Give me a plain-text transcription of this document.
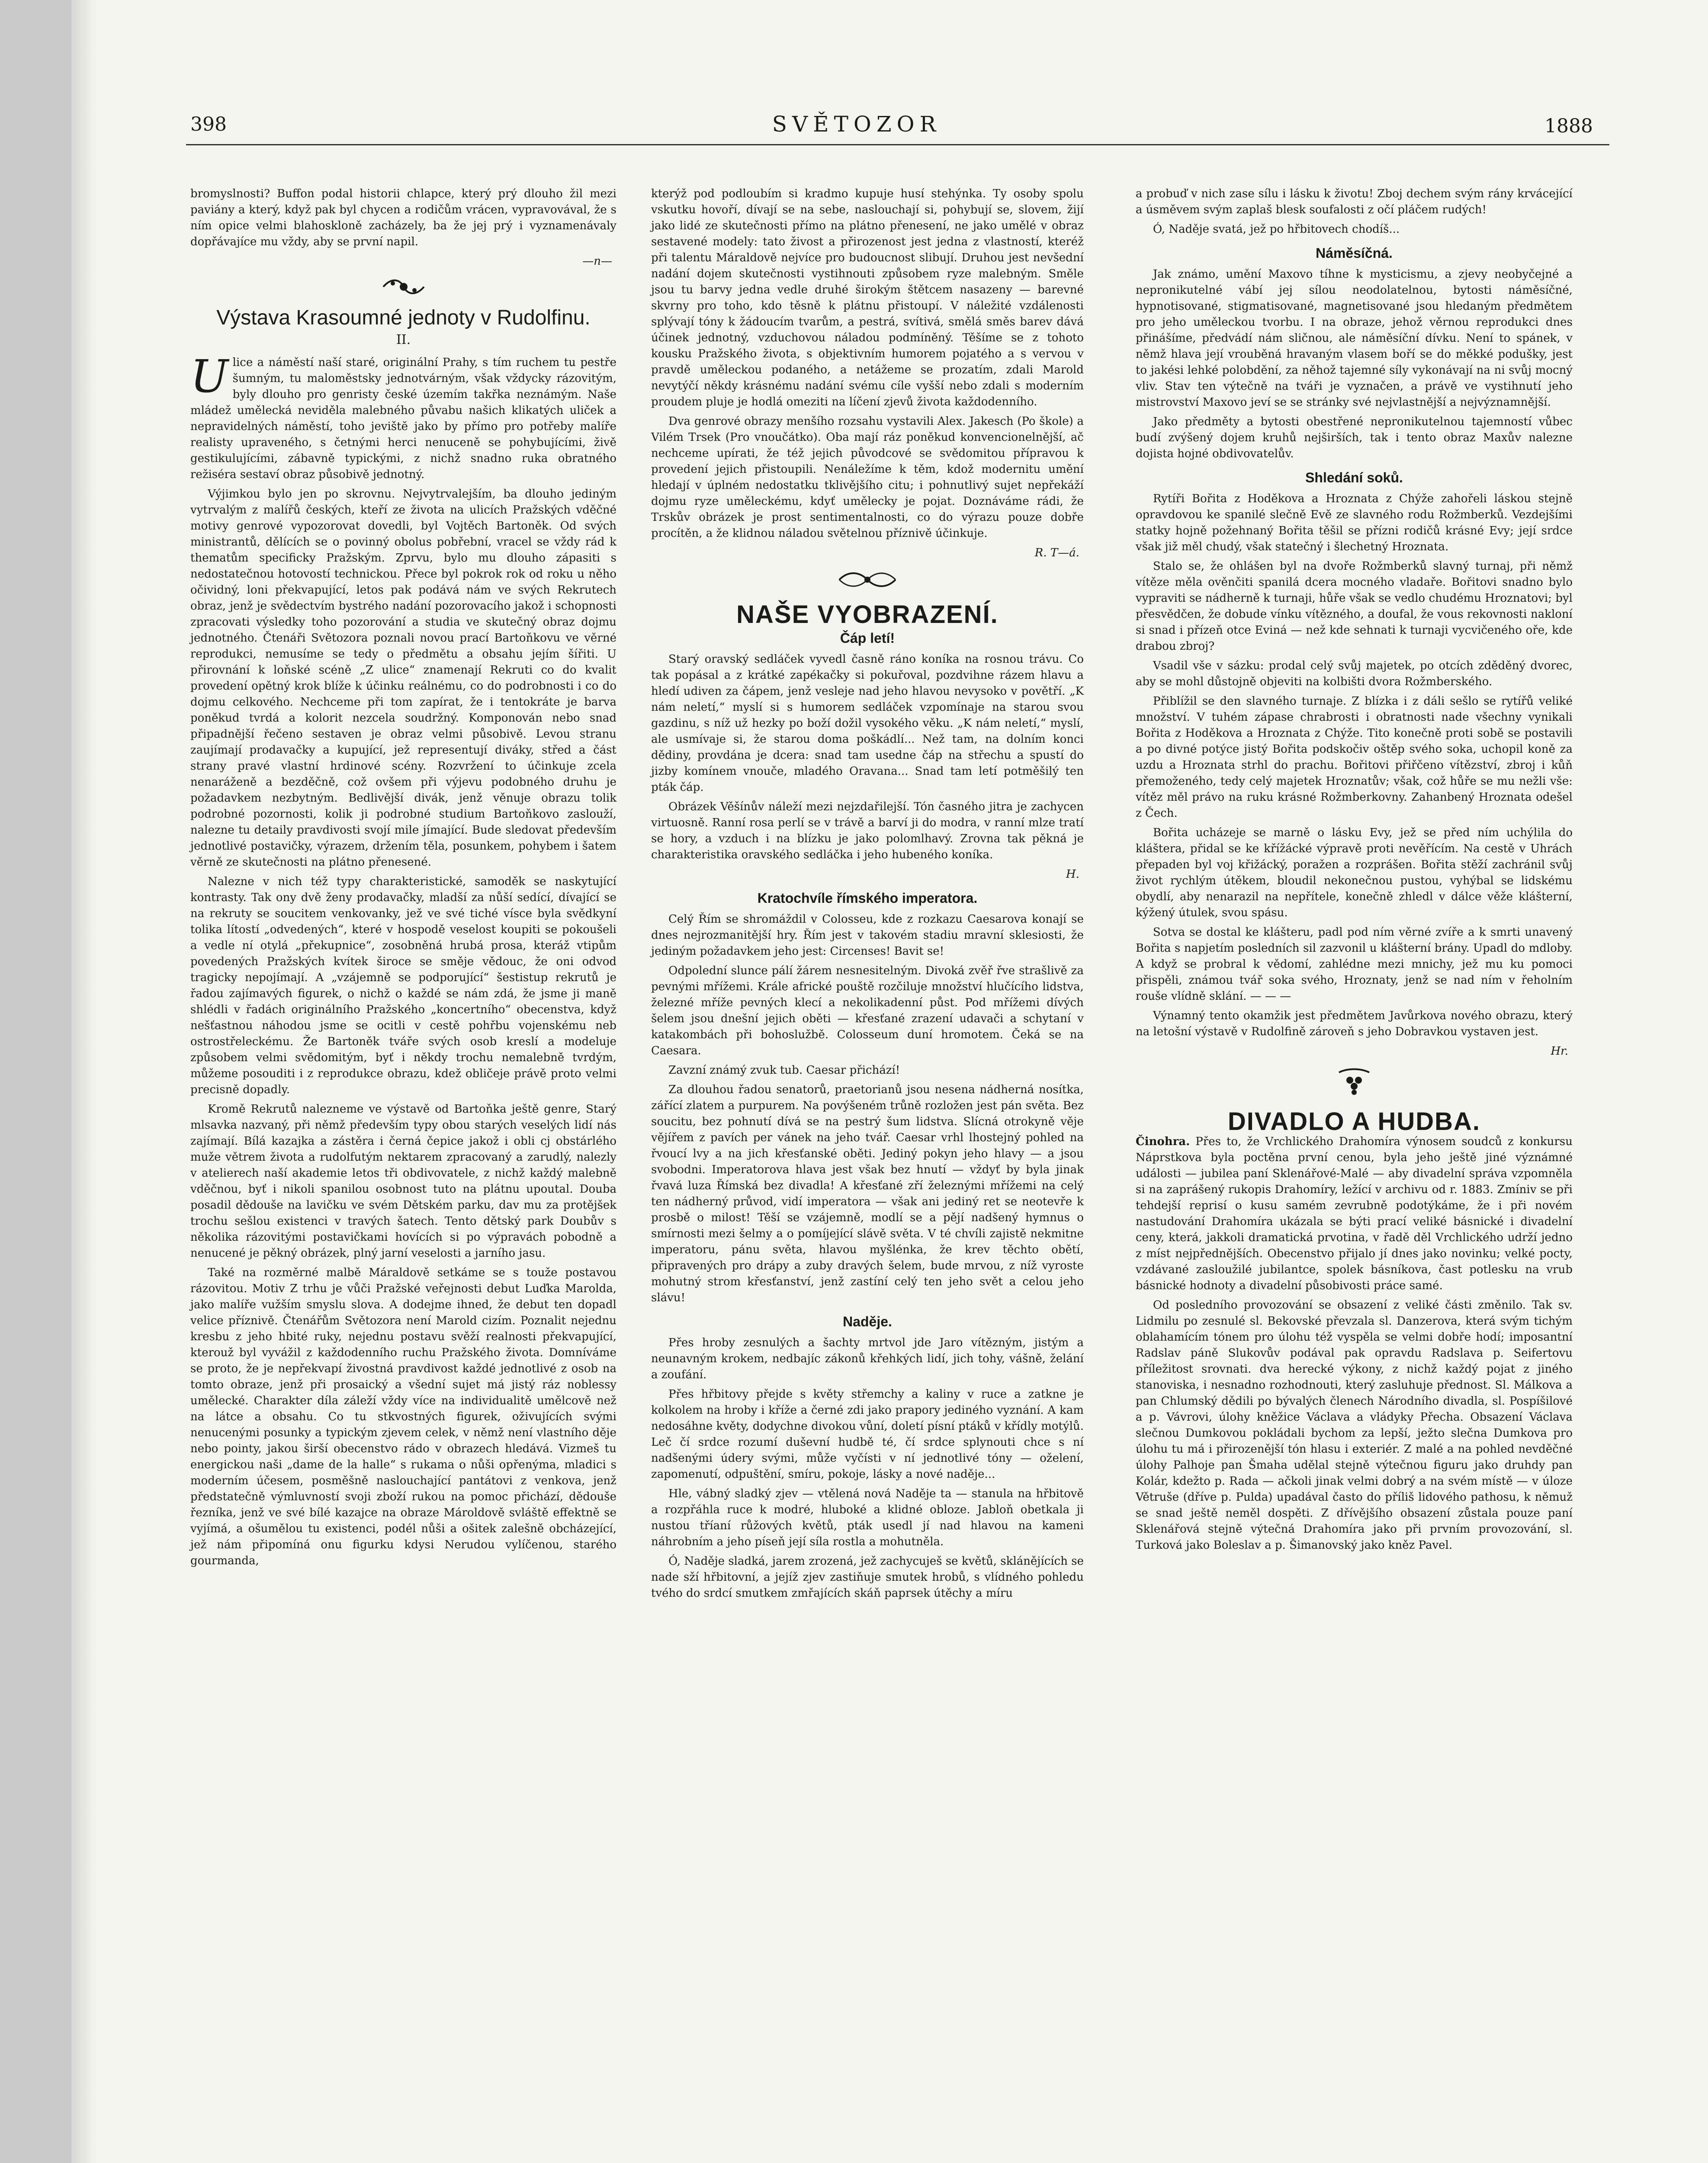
398	SVĚTOZOR	1888

bromyslnosti? Buffon podal historii chlapce, který prý dlouho žil mezi paviány a který, když pak byl chycen a rodičům vrácen, vypravovával, že s ním opice velmi blahoskloně zacházely, ba že jej prý i vyznamenávaly dopřávajíce mu vždy, aby se první napil.

—n—
Výstava Krasoumné jednoty v Rudolfinu.
II.

Ulice a náměstí naší staré, originální Prahy, s tím ruchem tu pestře šumným, tu maloměstsky jednotvárným, však vždycky rázovitým, byly dlouho pro genristy české územím takřka neznámým. Naše mládež umělecká neviděla malebného půvabu našich klikatých uliček a nepravidelných náměstí, toho jevištĕ jako by přímo pro potřeby malíře realisty upraveného, s četnými herci nenuceně se pohybujícími, živě gestikulujícími, zábavně typickými, z nichž snadno ruka obratného režiséra sestaví obraz působivě jednotný.

Výjimkou bylo jen po skrovnu. Nejvytrvalejším, ba dlouho jediným vytrvalým z malířů českých, kteří ze života na ulicích Pražských vděčné motivy genrové vypozorovat dovedli, byl Vojtěch Bartoněk. Od svých ministrantů, dělících se o povinný obolus pobřební, vracel se vždy rád k thematům specificky Pražským. Zprvu, bylo mu dlouho zápasiti s nedostatečnou hotovostí technickou. Přece byl pokrok rok od roku u něho očividný, loni překvapující, letos pak podává nám ve svých Rekrutech obraz, jenž je svědectvím bystrého nadání pozorovacího jakož i schopnosti zpracovati výsledky toho pozorování a studia ve skutečný obraz dojmu jednotného. Čtenáři Světozora poznali novou prací Bartoňkovu ve věrné reprodukci, nemusíme se tedy o předmětu a obsahu jejím šířiti. U přirovnání k loňské scéně „Z ulice“ znamenají Rekruti co do kvalit provedení opětný krok blíže k účinku reálnému, co do podrobnosti i co do dojmu celkového. Nechceme při tom zapírat, že i tentokráte je barva poněkud tvrdá a kolorit nezcela soudržný. Komponován nebo snad připadnější řečeno sestaven je obraz velmi působivě. Levou stranu zaujímají prodavačky a kupující, jež representují diváky, střed a část strany pravé vlastní hrdinové scény. Rozvržení to účinkuje zcela nenaráženě a bezděčně, což ovšem při výjevu podobného druhu je požadavkem nezbytným. Bedlivější divák, jenž věnuje obrazu tolik podrobné pozornosti, kolik ji podrobné studium Bartoňkovo zaslouží, nalezne tu detaily pravdivosti svojí mile jímající. Bude sledovat především jednotlivé postavičky, výrazem, držením těla, posunkem, pohybem i šatem věrně ze skutečnosti na plátno přenesené.

Nalezne v nich též typy charakteristické, samoděk se naskytující kontrasty. Tak ony dvě ženy prodavačky, mladší za nůší sedící, dívající se na rekruty se soucitem venkovanky, jež ve své tiché vísce byla svědkyní tolika lítostí „odvedených“, které v hospodě veselost koupiti se pokoušeli a vedle ní otylá „překupnice“, zosobněná hrubá prosa, kteráž vtipům povedených Pražských kvítek široce se směje vědouc, že oni odvod tragicky nepojímají. A „vzájemně se podporující“ šestistup rekrutů je řadou zajímavých figurek, o nichž o každé se nám zdá, že jsme ji maně shlédli v řadách originálního Pražského „koncertního“ obecenstva, když nešťastnou náhodou jsme se ocitli v cestě pohřbu vojenskému neb ostrostřeleckému. Že Bartoněk tváře svých osob kreslí a modeluje způsobem velmi svědomitým, byť i někdy trochu nemalebně tvrdým, můžeme posouditi i z reprodukce obrazu, kdež obličeje právě proto velmi precisně dopadly.

Kromě Rekrutů nalezneme ve výstavě od Bartoňka ještě genre, Starý mlsavka nazvaný, při němž především typy obou starých veselých lidí nás zajímají. Bílá kazajka a zástěra i černá čepice jakož i obli cj obstárlého muže větrem života a rudolfutým nektarem zpracovaný a zarudlý, nalezly v atelierech naší akademie letos tři obdivovatele, z nichž každý malebně vděčnou, byť i nikoli spanilou osobnost tuto na plátnu upoutal. Douba posadil dědouše na lavičku ve svém Dětském parku, dav mu za protějšek trochu sešlou existenci v travých šatech. Tento dětský park Doubův s několika rázovitými postavičkami hovících si po výpravách pobodně a nenucené je pěkný obrázek, plný jarní veselosti a jarního jasu.

Také na rozměrné malbě Máraldově setkáme se s touže postavou rázovitou. Motiv Z trhu je vůči Pražské veřejnosti debut Luďka Marolda, jako malíře vužším smyslu slova. A dodejme ihned, že debut ten dopadl velice příznivě. Čtenářům Světozora není Marold cizím. Poznalit nejednu kresbu z jeho hbité ruky, nejednu postavu svěží realnosti překvapující, kterouž byl vyvážil z každodenního ruchu Pražského života. Domníváme se proto, že je nepřekvapí živostná pravdivost každé jednotlivé z osob na tomto obraze, jenž při prosaický a všední sujet má jistý ráz noblessy umělecké. Charakter díla záleží vždy více na individualitě umělcově než na látce a obsahu. Co tu stkvostných figurek, oživujících svými nenucenými posunky a typickým zjevem celek, v němž není vlastního děje nebo pointy, jakou širší obecenstvo rádo v obrazech hledává. Vizmeš tu energickou naši „dame de la halle“ s rukama o nůši opřenýma, mladici s moderním účesem, posměšně naslouchající pantátovi z venkova, jenž předstatečně výmluvností svoji zboží rukou na pomoc přichází, dědouše řezníka, jenž ve své bílé kazajce na obraze Mároldově svláště effektně se vyjímá, a ošumělou tu existenci, podél nůši a ošitek zalešně obcházející, jež nám připomíná onu figurku kdysi Nerudou vylíčenou, starého gourmanda,

kterýž pod podloubím si kradmo kupuje husí stehýnka. Ty osoby spolu vskutku hovoří, dívají se na sebe, naslouchají si, pohybují se, slovem, žijí jako lidé ze skutečnosti přímo na plátno přenesení, ne jako umělé v obraz sestavené modely: tato živost a přirozenost jest jedna z vlastností, kteréž při talentu Máraldově nejvíce pro budoucnost slibují. Druhou jest nevšední nadání dojem skutečnosti vystihnouti způsobem ryze malebným. Směle jsou tu barvy jedna vedle druhé širokým štětcem nasazeny — barevné skvrny pro toho, kdo těsně k plátnu přistoupí. V náležité vzdálenosti splývají tóny k žádoucím tvarům, a pestrá, svítivá, smělá směs barev dává účinek jednotný, vzduchovou náladou podmíněný. Těšíme se z tohoto kousku Pražského života, s objektivním humorem pojatého a s vervou v pravdě uměleckou podaného, a netážeme se prozatím, zdali Marold nevytýčí někdy krásnému nadání svému cíle vyšší nebo zdali s moderním proudem pluje je hodlá omeziti na líčení zjevů života každodenního.

Dva genrové obrazy menšího rozsahu vystavili Alex. Jakesch (Po škole) a Vilém Trsek (Pro vnoučátko). Oba mají ráz poněkud konvencionelnější, ač nechceme upírati, že též jejich původcové se svědomitou přípravou k provedení jejich přistoupili. Nenáležíme k těm, kdož modernitu umění hledají v úplném nedostatku tklivějšího citu; i pohnutlivý sujet nepřekáží dojmu ryze uměleckému, kdyť umělecky je pojat. Doznáváme rádi, že Trskův obrázek je prost sentimentalnosti, co do výrazu pouze dobře procítěn, a že klidnou náladou světelnou příznivě účinkuje.

R. T—á.
NAŠE VYOBRAZENÍ.
Čáp letí!

Starý oravský sedláček vyvedl časně ráno koníka na rosnou trávu. Co tak popásal a z krátké zapékačky si pokuřoval, pozdvihne rázem hlavu a hledí udiven za čápem, jenž vesleje nad jeho hlavou nevysoko v povětří. „K nám neletí,“ myslí si s humorem sedláček vzpomínaje na starou svou gazdinu, s níž už hezky po boží dožil vysokého věku. „K nám neletí,“ myslí, ale usmívaje si, že starou doma poškádlí... Než tam, na dolním konci dědiny, provdána je dcera: snad tam usedne čáp na střechu a spustí do jizby komínem vnouče, mladého Oravana... Snad tam letí potměšilý ten pták čáp.

Obrázek Věšínův náleží mezi nejzdařilejší. Tón časného jitra je zachycen virtuosně. Ranní rosa perlí se v trávě a barví ji do modra, v ranní mlze tratí se hory, a vzduch i na blízku je jako polomlhavý. Zrovna tak pěkná je charakteristika oravského sedláčka i jeho hubeného koníka.

H.
Kratochvíle římského imperatora.

Celý Řím se shromáždil v Colosseu, kde z rozkazu Caesarova konají se dnes nejrozmanitější hry. Řím jest v takovém stadiu mravní sklesiosti, že jediným požadavkem jeho jest: Circenses! Bavit se!

Odpolední slunce pálí žárem nesnesitelným. Divoká zvěř řve strašlivě za pevnými mřížemi. Krále africké pouště rozčiluje množství hlučícího lidstva, železné mříže pevných klecí a nekolikadenní půst. Pod mřížemi dívých šelem jsou dnešní jejich oběti — křesťané zrazení udavači a schytaní v katakombách při bohoslužbě. Colosseum duní hromotem. Čeká se na Caesara.

Zavzní známý zvuk tub. Caesar přichází!

Za dlouhou řadou senatorů, praetorianů jsou nesena nádherná nosítka, zářící zlatem a purpurem. Na povýšeném trůně rozložen jest pán světa. Bez soucitu, bez pohnutí dívá se na pestrý šum lidstva. Slícná otrokyně věje vějířem z pavích per vánek na jeho tvář. Caesar vrhl lhostejný pohled na řvoucí lvy a na jich křesťanské oběti. Jediný pokyn jeho hlavy — a jsou svobodni. Imperatorova hlava jest však bez hnutí — vždyť by byla jinak řvavá luza Římská bez divadla! A křesťané zří železnými mřížemi na celý ten nádherný průvod, vidí imperatora — však ani jediný ret se neotevře k prosbě o milost! Těší se vzájemně, modlí se a pějí nadšený hymnus o smírnosti mezi šelmy a o pomíjející slávě světa. V té chvíli zajistě nekmitne imperatoru, pánu světa, hlavou myšlénka, že krev těchto obětí, připravených pro drápy a zuby dravých šelem, bude mrvou, z níž vyroste mohutný strom křesťanství, jenž zastíní celý ten jeho svět a celou jeho slávu!

Naděje.

Přes hroby zesnulých a šachty mrtvol jde Jaro vítězným, jistým a neunavným krokem, nedbajíc zákonů křehkých lidí, jich tohy, vášně, želání a zoufání.

Přes hřbitovy přejde s květy střemchy a kaliny v ruce a zatkne je kolkolem na hroby i kříže a černé zdi jako prapory jediného vyznání. A kam nedosáhne květy, dodychne divokou vůní, doletí písní ptáků v křídly motýlů. Leč čí srdce rozumí duševní hudbě té, čí srdce splynouti chce s ní nadšenými údery svými, může vyčísti v ní jednotlivé tóny — oželení, zapomenutí, odpuštění, smíru, pokoje, lásky a nové naděje...

Hle, vábný sladký zjev — vtělená nová Naděje ta — stanula na hřbitově a rozpřáhla ruce k modré, hluboké a klidné obloze. Jabloň obetkala ji nustou tříaní růžových květů, pták usedl jí nad hlavou na kameni náhrobním a jeho píseň její síla rostla a mohutněla.

Ó, Naděje sladká, jarem zrozená, jež zachycuješ se květů, sklánějících se nade sží hřbitovní, a jejíž zjev zastiňuje smutek hrobů, s vlídného pohledu tvého do srdcí smutkem zmřajících skáň paprsek útěchy a míru

a probuď v nich zase sílu i lásku k životu! Zboj dechem svým rány krvácející a úsměvem svým zaplaš blesk soufalosti z očí pláčem rudých!

Ó, Naděje svatá, jež po hřbitovech chodíš...

Náměsíčná.

Jak známo, umění Maxovo tíhne k mysticismu, a zjevy neobyčejné a nepronikutelné vábí jej sílou neodolatelnou, bytosti náměsíčné, hypnotisované, stigmatisované, magnetisované jsou hledaným předmětem pro jeho uměleckou tvorbu. I na obraze, jehož věrnou reprodukci dnes přinášíme, předvádí nám sličnou, ale náměsíční dívku. Není to spánek, v němž hlava její vrouběná hravaným vlasem boří se do měkké podušky, jest to jakési lehké polobdění, za něhož tajemné síly vykonávají na ni svůj mocný vliv. Stav ten výtečně na tváři je vyznačen, a právě ve vystihnutí jeho mistrovství Maxovo jeví se se stránky své nejvlastnější a nejvýznamnější.

Jako předměty a bytosti obestřené nepronikutelnou tajemností vůbec budí zvýšený dojem kruhů nejširších, tak i tento obraz Maxův nalezne dojista hojné obdivovatelův.

Shledání soků.

Rytíři Bořita z Hoděkova a Hroznata z Chýže zahořeli láskou stejně opravdovou ke spanilé slečně Evě ze slavného rodu Rožmberků. Vezdejšími statky hojně požehnaný Bořita těšil se přízni rodičů krásné Evy; její srdce však již měl chudý, však statečný i šlechetný Hroznata.

Stalo se, že ohlášen byl na dvoře Rožmberků slavný turnaj, při němž vítěze měla ověnčiti spanilá dcera mocného vladaře. Bořitovi snadno bylo vypraviti se nádherně k turnaji, hůře však se vedlo chudému Hroznatovi; byl přesvědčen, že dobude vínku vítězného, a doufal, že vous rekovnosti nakloní si snad i přízeň otce Eviná — než kde sehnati k turnaji vycvičeného oře, kde drabou zbroj?

Vsadil vše v sázku: prodal celý svůj majetek, po otcích zděděný dvorec, aby se mohl důstojně objeviti na kolbišti dvora Rožmberského.

Přiblížil se den slavného turnaje. Z blízka i z dáli sešlo se rytířů veliké množství. V tuhém zápase chrabrosti i obratnosti nade všechny vynikali Bořita z Hoděkova a Hroznata z Chýže. Tito konečně proti sobě se postavili a po divné potýce jistý Bořita podskočiv oštěp svého soka, uchopil koně za uzdu a Hroznata strhl do prachu. Bořitovi přiřčeno vítězství, zbroj i kůň přemoženého, tedy celý majetek Hroznatův; však, což hůře se mu nežli vše: vítěz měl právo na ruku krásné Rožmberkovny. Zahanbený Hroznata odešel z Čech.

Bořita ucházeje se marně o lásku Evy, jež se před ním uchýlila do kláštera, přidal se ke křížácké výpravě proti nevěřícím. Na cestě v Uhrách přepaden byl voj křižácký, poražen a rozprášen. Bořita stěží zachránil svůj život rychlým útěkem, bloudil nekonečnou pustou, vyhýbal se lidskému obydlí, aby nenarazil na nepřítele, konečně zhledl v dálce věže klášterní, kýžený útulek, svou spásu.

Sotva se dostal ke klášteru, padl pod ním věrné zvíře a k smrti unavený Bořita s napjetím posledních sil zazvonil u klášterní brány. Upadl do mdloby. A když se probral k vědomí, zahlédne mezi mnichy, jež mu ku pomoci přispěli, známou tvář soka svého, Hroznaty, jenž se nad ním v řeholním rouše vlídně sklání. — — —

Výnamný tento okamžik jest předmětem Javůrkova novéhо obrazu, který na letošní výstavě v Rudolfině zároveň s jeho Dobravkou vystaven jest.

Hr.
DIVADLO A HUDBA.

Činohra. Přes to, že Vrchlického Drahomíra výnosem soudců z konkursu Náprstkova byla poctěna první cenou, byla jeho ještě jiné význámné události — jubilea paní Sklenářové-Malé — aby divadelní správa vzpomněla si na zaprášený rukopis Drahomíry, ležící v archivu od r. 1883. Zmíniv se při tehdejší reprisí o kusu samém zevrubně podotýkáme, že i při novém nastudování Drahomíra ukázala se býti prací veliké básnické i divadelní ceny, která, jakkoli dramatická prvotina, v řadě děl Vrchlického udrží jedno z míst nejpřednějších. Obecenstvo přijalo jí dnes jako novinku; velké pocty, vzdávané zasloužilé jubilantce, spolek básníkova, čast potlesku na vrub básnické hodnoty a divadelní působivosti práce samé.

Od posledního provozování se obsazení z veliké části změnilo. Tak sv. Lidmilu po zesnulé sl. Bekovské převzala sl. Danzerova, která svým tichým oblahamícím tónem pro úlohu též vyspěla se velmi dobře hodí; imposantní Radslav páně Slukovův podával pak opravdu Radslava p. Seifertovu příležitost srovnati. dva herecké výkony, z nichž každý pojat z jiného stanoviska, i nesnadno rozhodnouti, který zasluhuje přednost. Sl. Málkova a pan Chlumský dědili po bývalých členech Národního divadla, sl. Pospíšilové a p. Vávrovi, úlohy kněžice Václava a vládyky Přecha. Obsazení Václava slečnou Dumkovou pokládali bychom za lepší, ježto slečna Dumkova pro úlohu tu má i přirozenější tón hlasu i exteriér. Z malé a na pohled nevděčné úlohy Palhoje pan Šmaha udělal stejně výtečnou figuru jako druhdy pan Kolár, kdežto p. Rada — ačkoli jinak velmi dobrý a na svém místě — v úloze Větruše (dříve p. Pulda) upadával často do příliš lidového pathosu, k němuž se snad ještě neměl dospěti. Z dřívějšího obsazení zůstala pouze paní Sklenářová stejně výtečná Drahomíra jako při prvním provozování, sl. Turková jako Boleslav a p. Šimanovský jako kněz Pavel.
